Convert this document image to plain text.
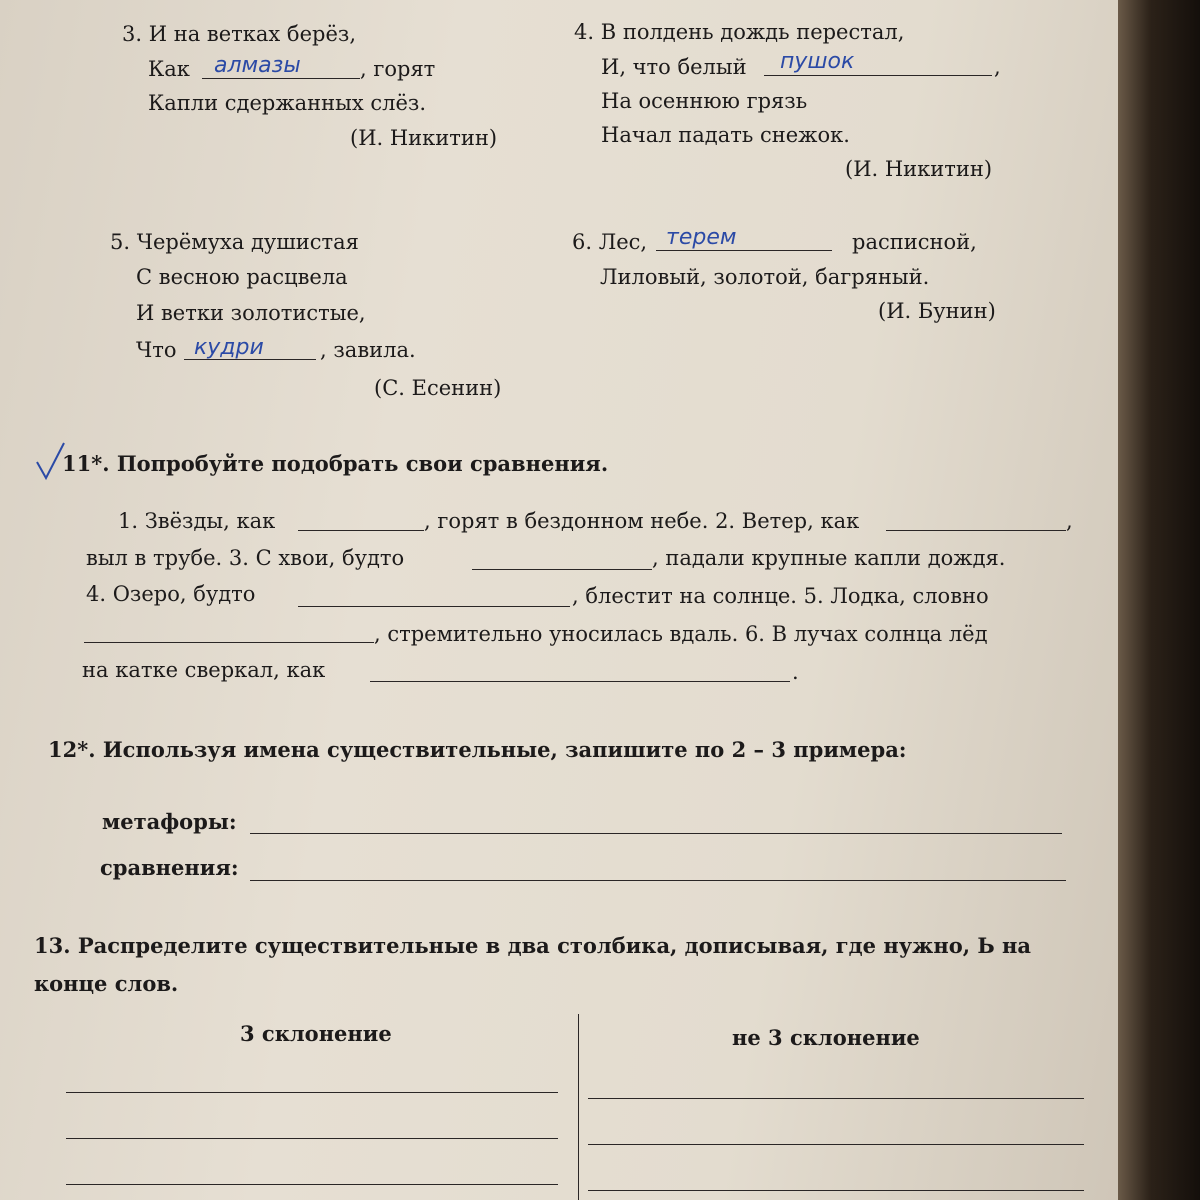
3. И на ветках берёз,
Как алмазы	, горят
Капли сдержанных слёз.
(И. Никитин)
4. В полдень дождь перестал,
И, что белый пушок	,
На осеннюю грязь
Начал падать снежок.
(И. Никитин)
5. Черёмуха душистая
С весною расцвела
И ветки золотистые,
Что кудри	, завила.
(С. Есенин)
6. Лес, терем	расписной,
Лиловый, золотой, багряный.
(И. Бунин)
11*. Попробуйте подобрать свои сравнения.
1. Звёзды, как	, горят в бездонном небе. 2. Ветер, как	,
выл в трубе. 3. С хвои, будто	, падали крупные капли дождя.
4. Озеро, будто	, блестит на солнце. 5. Лодка, словно
, стремительно уносилась вдаль. 6. В лучах солнца лёд
на катке сверкал, как	.
12*. Используя имена существительные, запишите по 2 – 3 примера:
метафоры:
сравнения:
13. Распределите существительные в два столбика, дописывая, где нужно, Ь на
конце слов.
3 склонение	не 3 склонение
